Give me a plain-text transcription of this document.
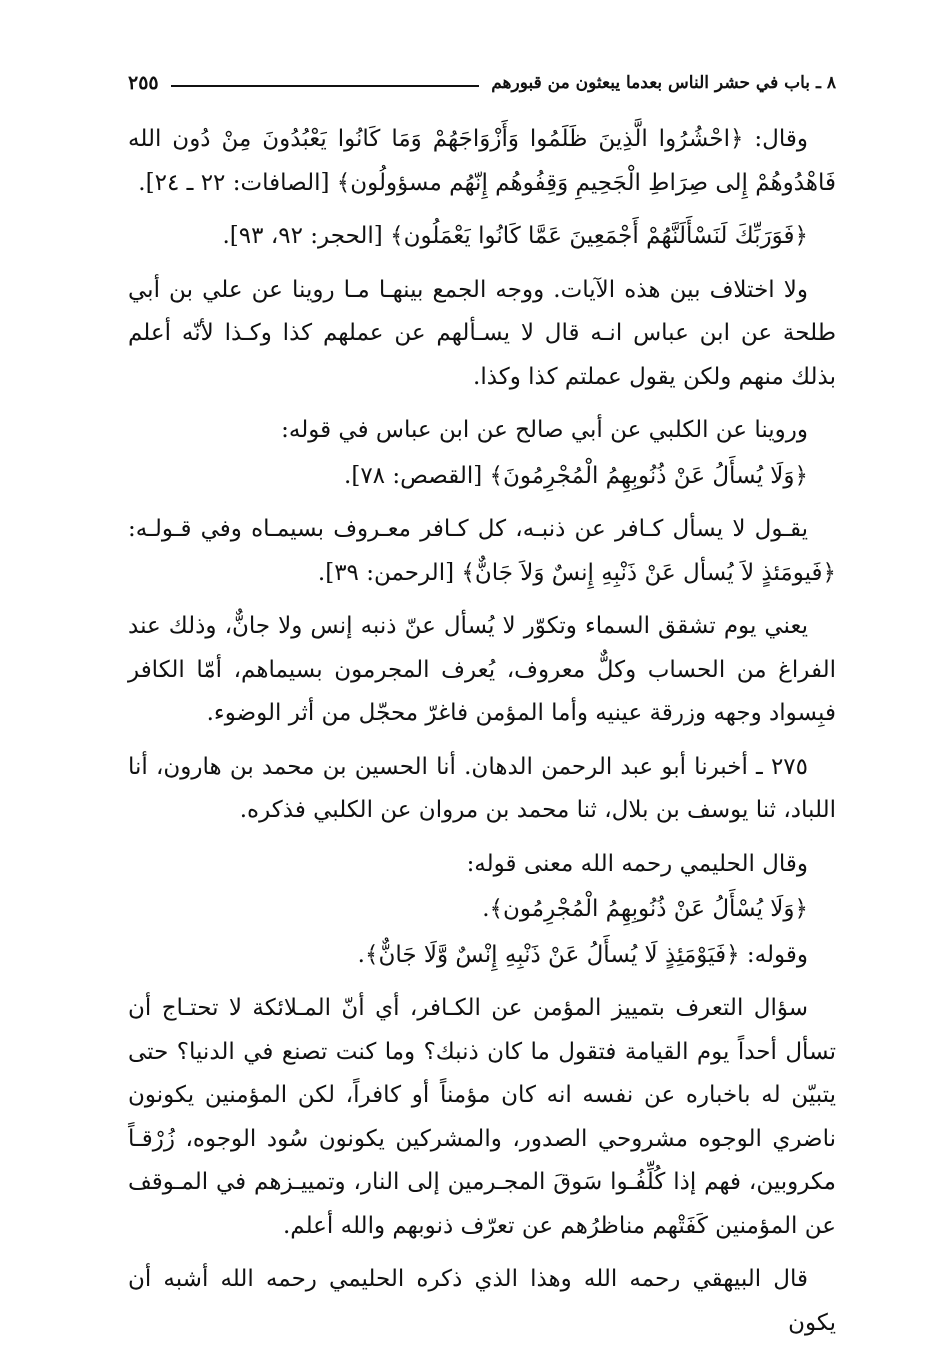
٨ ـ باب في حشر الناس بعدما يبعثون من قبورهم
٢٥٥

وقال: ﴿احْشُرُوا الَّذِينَ ظَلَمُوا وَأَزْوَاجَهُمْ وَمَا كَانُوا يَعْبُدُونَ مِنْ دُون الله فَاهْدُوهُمْ إِلى صِرَاطِ الْجَحِيمِ وَقِفُوهُم إِنّهُم مسؤولُون﴾ [الصافات: ٢٢ ـ ٢٤].

﴿فَوَرَبِّكَ لَنَسْأَلَنَّهُمْ أَجْمَعِينَ عَمَّا كَانُوا يَعْمَلُون﴾ [الحجر: ٩٢، ٩٣].

ولا اختلاف بين هذه الآيات. ووجه الجمع بينهـا مـا روينا عن علي بن أبي طلحة عن ابن عباس انـه قال لا يسـألهم عن عملهم كذا وكـذا لأنّه أعلم بذلك منهم ولكن يقول عملتم كذا وكذا.

وروينا عن الكلبي عن أبي صالح عن ابن عباس في قوله:

﴿وَلَا يُسأَلُ عَنْ ذُنُوبِهِمُ الْمُجْرِمُونَ﴾ [القصص: ٧٨].

يقـول لا يسأل كـافر عن ذنبـه، كل كـافر معـروف بسيمـاه وفي قـولـه: ﴿فَيومَئذٍ لاَ يُسأل عَنْ ذَنْبِهِ إِنسٌ وَلاَ جَانٌّ﴾ [الرحمن: ٣٩].

يعني يوم تشقق السماء وتكوّر لا يُسأل عنّ ذنبه إنس ولا جانٌّ، وذلك عند الفراغ من الحساب وكلٌّ معروف، يُعرف المجرمون بسيماهم، أمّا الكافر فبِسواد وجهه وزرقة عينيه وأما المؤمن فاغرّ محجّل من أثر الوضوء.

٢٧٥ ـ أخبرنا أبو عبد الرحمن الدهان. أنا الحسين بن محمد بن هارون، أنا اللباد، ثنا يوسف بن بلال، ثنا محمد بن مروان عن الكلبي فذكره.

وقال الحليمي رحمه الله معنى قوله:

﴿وَلَا يُسْأَلُ عَنْ ذُنُوبِهِمُ الْمُجْرِمُون﴾.

وقوله: ﴿فَيَوْمَئِذٍ لَا يُسأَلُ عَنْ ذَنْبِهِ إِنْسٌ وَّلَا جَانٌّ﴾.

سؤال التعرف بتمييز المؤمن عن الكـافر، أي أنّ المـلائكة لا تحتـاج أن تسأل أحداً يوم القيامة فتقول ما كان ذنبك؟ وما كنت تصنع في الدنيا؟ حتى يتبيّن له باخباره عن نفسه انه كان مؤمناً أو كافراً، لكن المؤمنين يكونون ناضري الوجوه مشروحي الصدور، والمشركين يكونون سُود الوجوه، زُرْقـاً مكروبين، فهم إذا كُلِّفُـوا سَوقَ المجـرمين إلى النار، وتمييـزهم في المـوقف عن المؤمنين كَفَتْهم مناظرُهم عن تعرّف ذنوبهم والله أعلم.

قال البيهقي رحمه الله وهذا الذي ذكره الحليمي رحمه الله أشبه أن يكون
